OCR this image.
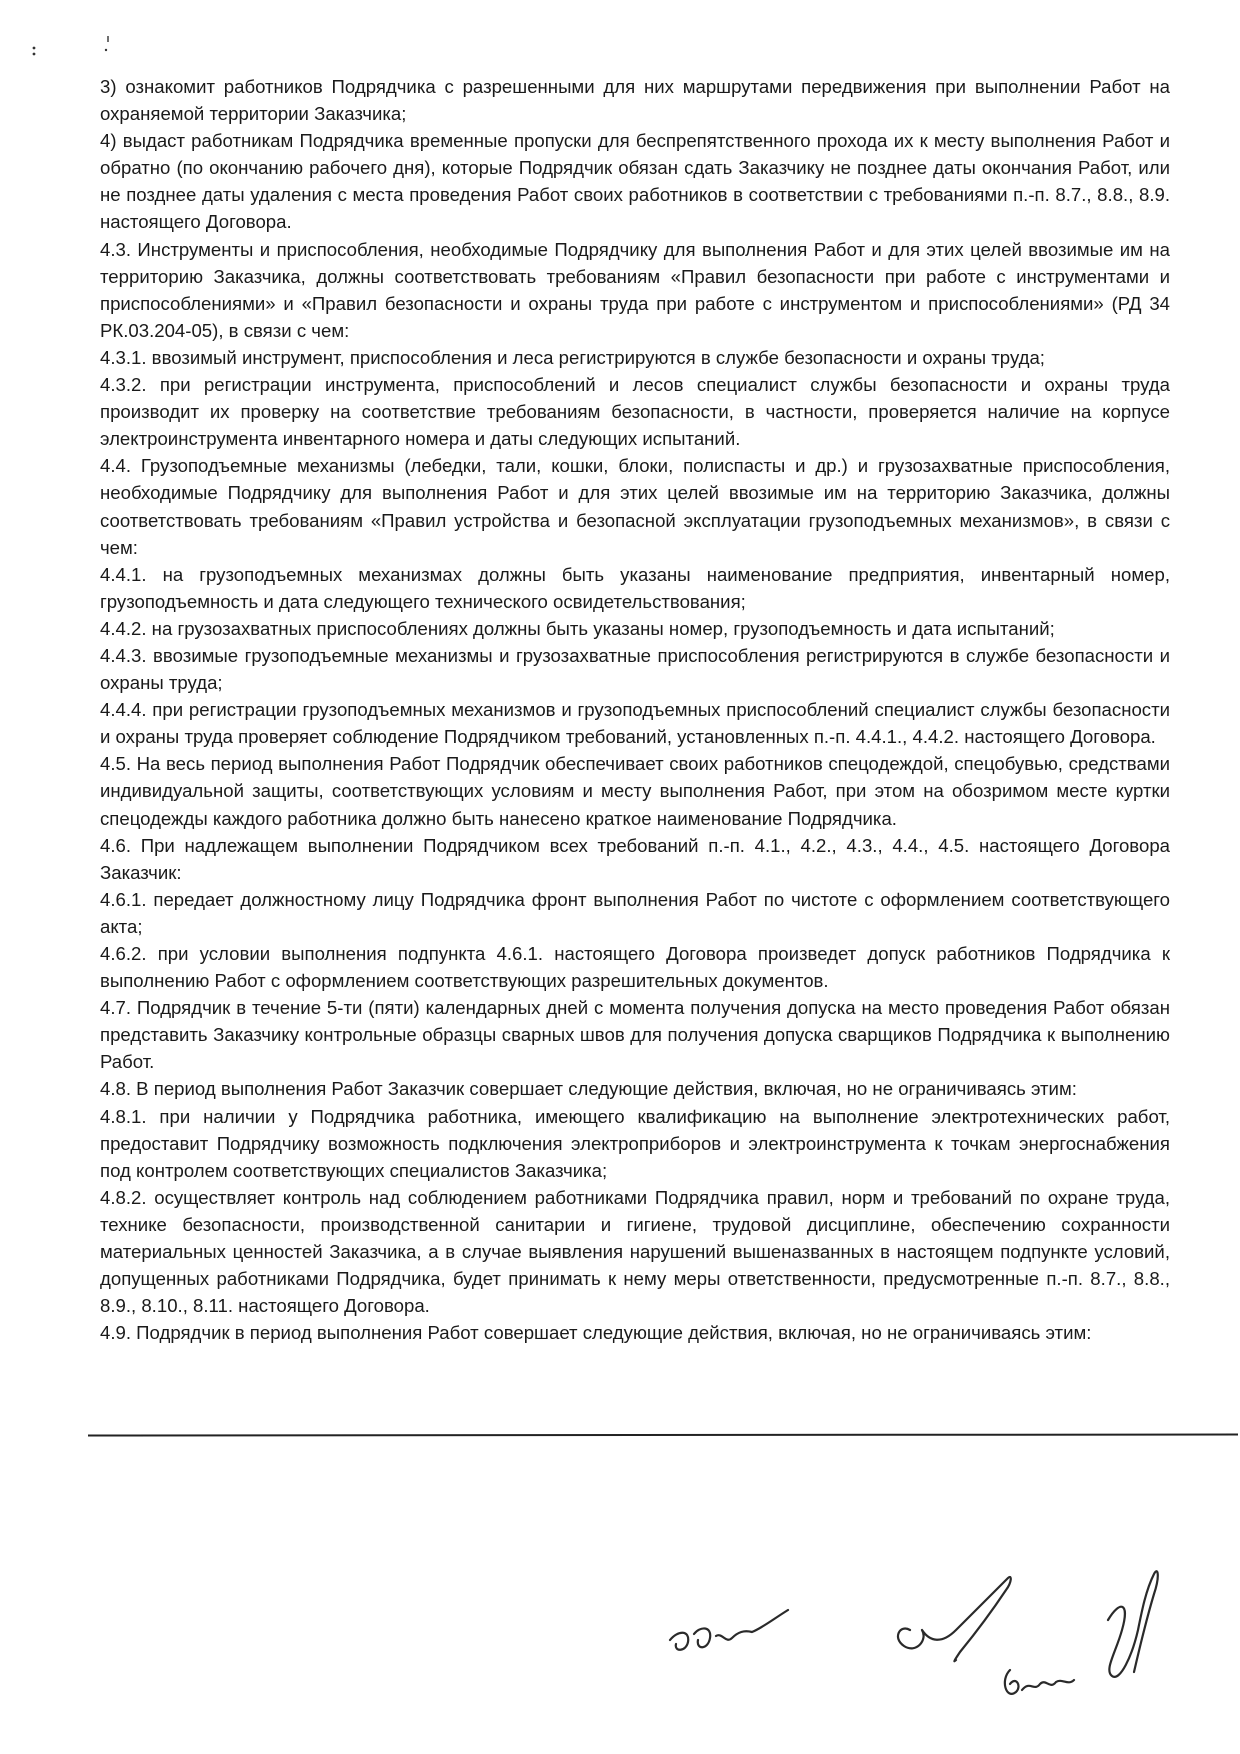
3) ознакомит работников Подрядчика с разрешенными для них маршрутами передвижения при выполнении Работ на охраняемой территории Заказчика;

4) выдаст работникам Подрядчика временные пропуски для беспрепятственного прохода их к месту выполнения Работ и обратно (по окончанию рабочего дня), которые Подрядчик обязан сдать Заказчику не позднее даты окончания Работ, или не позднее даты удаления с места проведения Работ своих работников в соответствии с требованиями п.-п. 8.7., 8.8., 8.9. настоящего Договора.

4.3. Инструменты и приспособления, необходимые Подрядчику для выполнения Работ и для этих целей ввозимые им на территорию Заказчика, должны соответствовать требованиям «Правил безопасности при работе с инструментами и приспособлениями» и «Правил безопасности и охраны труда при работе с инструментом и приспособлениями» (РД 34 РК.03.204-05), в связи с чем:

4.3.1. ввозимый инструмент, приспособления и леса регистрируются в службе безопасности и охраны труда;

4.3.2. при регистрации инструмента, приспособлений и лесов специалист службы безопасности и охраны труда производит их проверку на соответствие требованиям безопасности, в частности, проверяется наличие на корпусе электроинструмента инвентарного номера и даты следующих испытаний.

4.4. Грузоподъемные механизмы (лебедки, тали, кошки, блоки, полиспасты и др.) и грузозахватные приспособления, необходимые Подрядчику для выполнения Работ и для этих целей ввозимые им на территорию Заказчика, должны соответствовать требованиям «Правил устройства и безопасной эксплуатации грузоподъемных механизмов», в связи с чем:

4.4.1. на грузоподъемных механизмах должны быть указаны наименование предприятия, инвентарный номер, грузоподъемность и дата следующего технического освидетельствования;

4.4.2. на грузозахватных приспособлениях должны быть указаны номер, грузоподъемность и дата испытаний;

4.4.3. ввозимые грузоподъемные механизмы и грузозахватные приспособления регистрируются в службе безопасности и охраны труда;

4.4.4. при регистрации грузоподъемных механизмов и грузоподъемных приспособлений специалист службы безопасности и охраны труда проверяет соблюдение Подрядчиком требований, установленных п.-п. 4.4.1., 4.4.2. настоящего Договора.

4.5. На весь период выполнения Работ Подрядчик обеспечивает своих работников спецодеждой, спецобувью, средствами индивидуальной защиты, соответствующих условиям и месту выполнения Работ, при этом на обозримом месте куртки спецодежды каждого работника должно быть нанесено краткое наименование Подрядчика.

4.6. При надлежащем выполнении Подрядчиком всех требований п.-п. 4.1., 4.2., 4.3., 4.4., 4.5. настоящего Договора Заказчик:

4.6.1. передает должностному лицу Подрядчика фронт выполнения Работ по чистоте с оформлением соответствующего акта;

4.6.2. при условии выполнения подпункта 4.6.1. настоящего Договора произведет допуск работников Подрядчика к выполнению Работ с оформлением соответствующих разрешительных документов.

4.7. Подрядчик в течение 5-ти (пяти) календарных дней с момента получения допуска на место проведения Работ обязан представить Заказчику контрольные образцы сварных швов для получения допуска сварщиков Подрядчика к выполнению Работ.

4.8. В период выполнения Работ Заказчик совершает следующие действия, включая, но не ограничиваясь этим:

4.8.1. при наличии у Подрядчика работника, имеющего квалификацию на выполнение электротехнических работ, предоставит Подрядчику возможность подключения электроприборов и электроинструмента к точкам энергоснабжения под контролем соответствующих специалистов Заказчика;

4.8.2. осуществляет контроль над соблюдением работниками Подрядчика правил, норм и требований по охране труда, технике безопасности, производственной санитарии и гигиене, трудовой дисциплине, обеспечению сохранности материальных ценностей Заказчика, а в случае выявления нарушений вышеназванных в настоящем подпункте условий, допущенных работниками Подрядчика, будет принимать к нему меры ответственности, предусмотренные п.-п. 8.7., 8.8., 8.9., 8.10., 8.11. настоящего Договора.

4.9. Подрядчик в период выполнения Работ совершает следующие действия, включая, но не ограничиваясь этим:
